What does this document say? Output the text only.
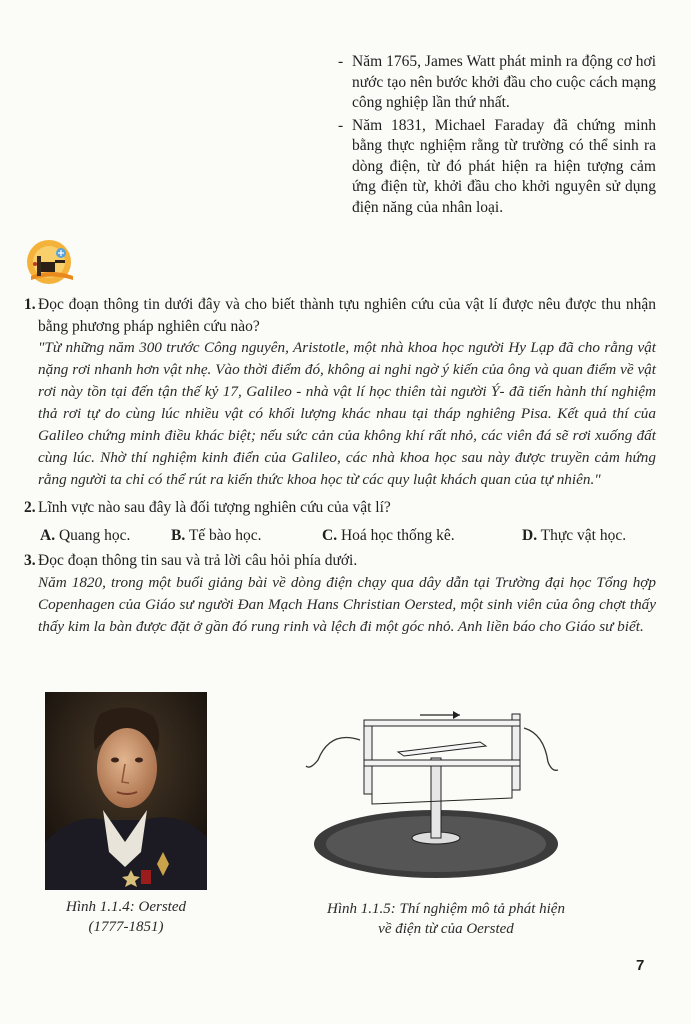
- Năm 1765, James Watt phát minh ra động cơ hơi nước tạo nên bước khởi đầu cho cuộc cách mạng công nghiệp lần thứ nhất.
- Năm 1831, Michael Faraday đã chứng minh bằng thực nghiệm rằng từ trường có thể sinh ra dòng điện, từ đó phát hiện ra hiện tượng cảm ứng điện từ, khởi đầu cho khởi nguyên sử dụng điện năng của nhân loại.
1. Đọc đoạn thông tin dưới đây và cho biết thành tựu nghiên cứu của vật lí được nêu được thu nhận bằng phương pháp nghiên cứu nào?
"Từ những năm 300 trước Công nguyên, Aristotle, một nhà khoa học người Hy Lạp đã cho rằng vật nặng rơi nhanh hơn vật nhẹ. Vào thời điểm đó, không ai nghi ngờ ý kiến của ông và quan điểm về vật rơi này tồn tại đến tận thế kỷ 17, Galileo - nhà vật lí học thiên tài người Ý- đã tiến hành thí nghiệm thả rơi tự do cùng lúc nhiều vật có khối lượng khác nhau tại tháp nghiêng Pisa. Kết quả thí của Galileo chứng minh điều khác biệt; nếu sức cản của không khí rất nhỏ, các viên đá sẽ rơi xuống đất cùng lúc. Nhờ thí nghiệm kinh điển của Galileo, các nhà khoa học sau này được truyền cảm hứng rằng người ta chỉ có thể rút ra kiến thức khoa học từ các quy luật khách quan của tự nhiên."
2. Lĩnh vực nào sau đây là đối tượng nghiên cứu của vật lí?
A. Quang học.	B. Tế bào học.	C. Hoá học thống kê.	D. Thực vật học.
3. Đọc đoạn thông tin sau và trả lời câu hỏi phía dưới.
Năm 1820, trong một buổi giảng bài về dòng điện chạy qua dây dẫn tại Trường đại học Tổng hợp Copenhagen của Giáo sư người Đan Mạch Hans Christian Oersted, một sinh viên của ông chợt thấy thấy kim la bàn được đặt ở gần đó rung rinh và lệch đi một góc nhỏ. Anh liền báo cho Giáo sư biết.
Hình 1.1.4: Oersted
(1777-1851)
Hình 1.1.5: Thí nghiệm mô tả phát hiện
về điện từ của Oersted
7
